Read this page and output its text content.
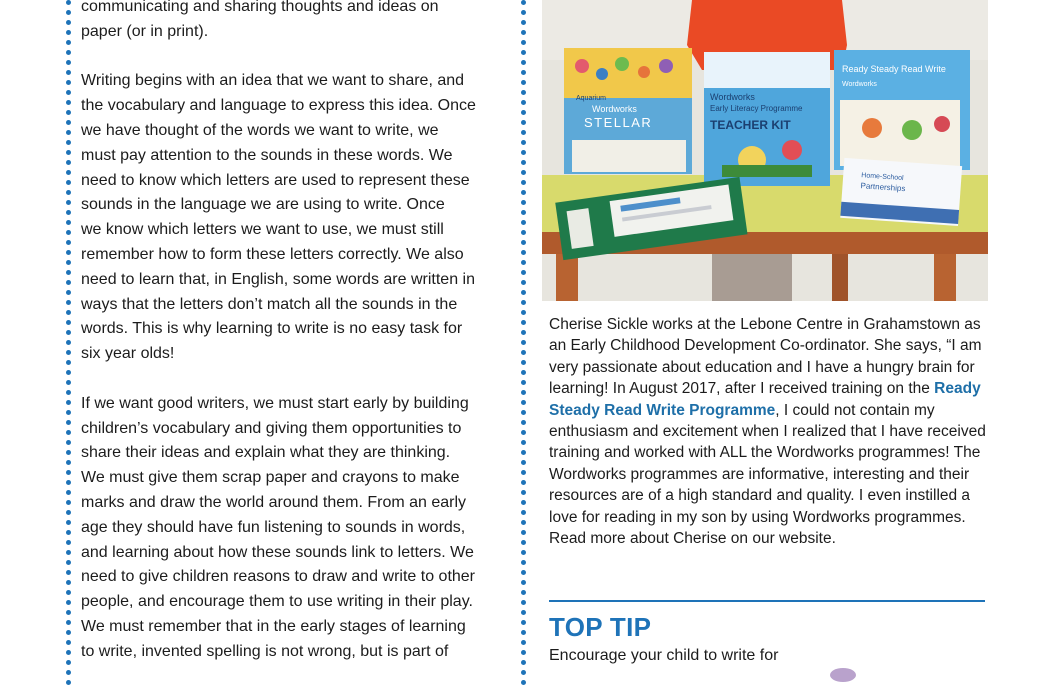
communicating and sharing thoughts and ideas on
paper (or in print).

Writing begins with an idea that we want to share, and
the vocabulary and language to express this idea. Once
we have thought of the words we want to write, we
must pay attention to the sounds in these words. We
need to know which letters are used to represent these
sounds in the language we are using to write. Once
we know which letters we want to use, we must still
remember how to form these letters correctly. We also
need to learn that, in English, some words are written in
ways that the letters don’t match all the sounds in the
words. This is why learning to write is no easy task for
six year olds!

If we want good writers, we must start early by building
children’s vocabulary and giving them opportunities to
share their ideas and explain what they are thinking.
We must give them scrap paper and crayons to make
marks and draw the world around them. From an early
age they should have fun listening to sounds in words,
and learning about how these sounds link to letters. We
need to give children reasons to draw and write to other
people, and encourage them to use writing in their play.
We must remember that in the early stages of learning
to write, invented spelling is not wrong, but is part of

Aquarium
Wordworks
STELLAR
Wordworks
Early Literacy Programme
TEACHER KIT
Ready Steady Read Write
Wordworks
Home-School
Partnerships
Cherise Sickle works at the Lebone Centre in Grahamstown as an Early Childhood Development Co-ordinator. She says, “I am very passionate about education and I have a hungry brain for learning! In August 2017, after I received training on the Ready Steady Read Write Programme, I could not contain my enthusiasm and excitement when I realized that I have received training and worked with ALL the Wordworks programmes! The Wordworks programmes are informative, interesting and their resources are of a high standard and quality. I even instilled a love for reading in my son by using Wordworks programmes. Read more about Cherise on our website.
TOP TIP
Encourage your child to write for
